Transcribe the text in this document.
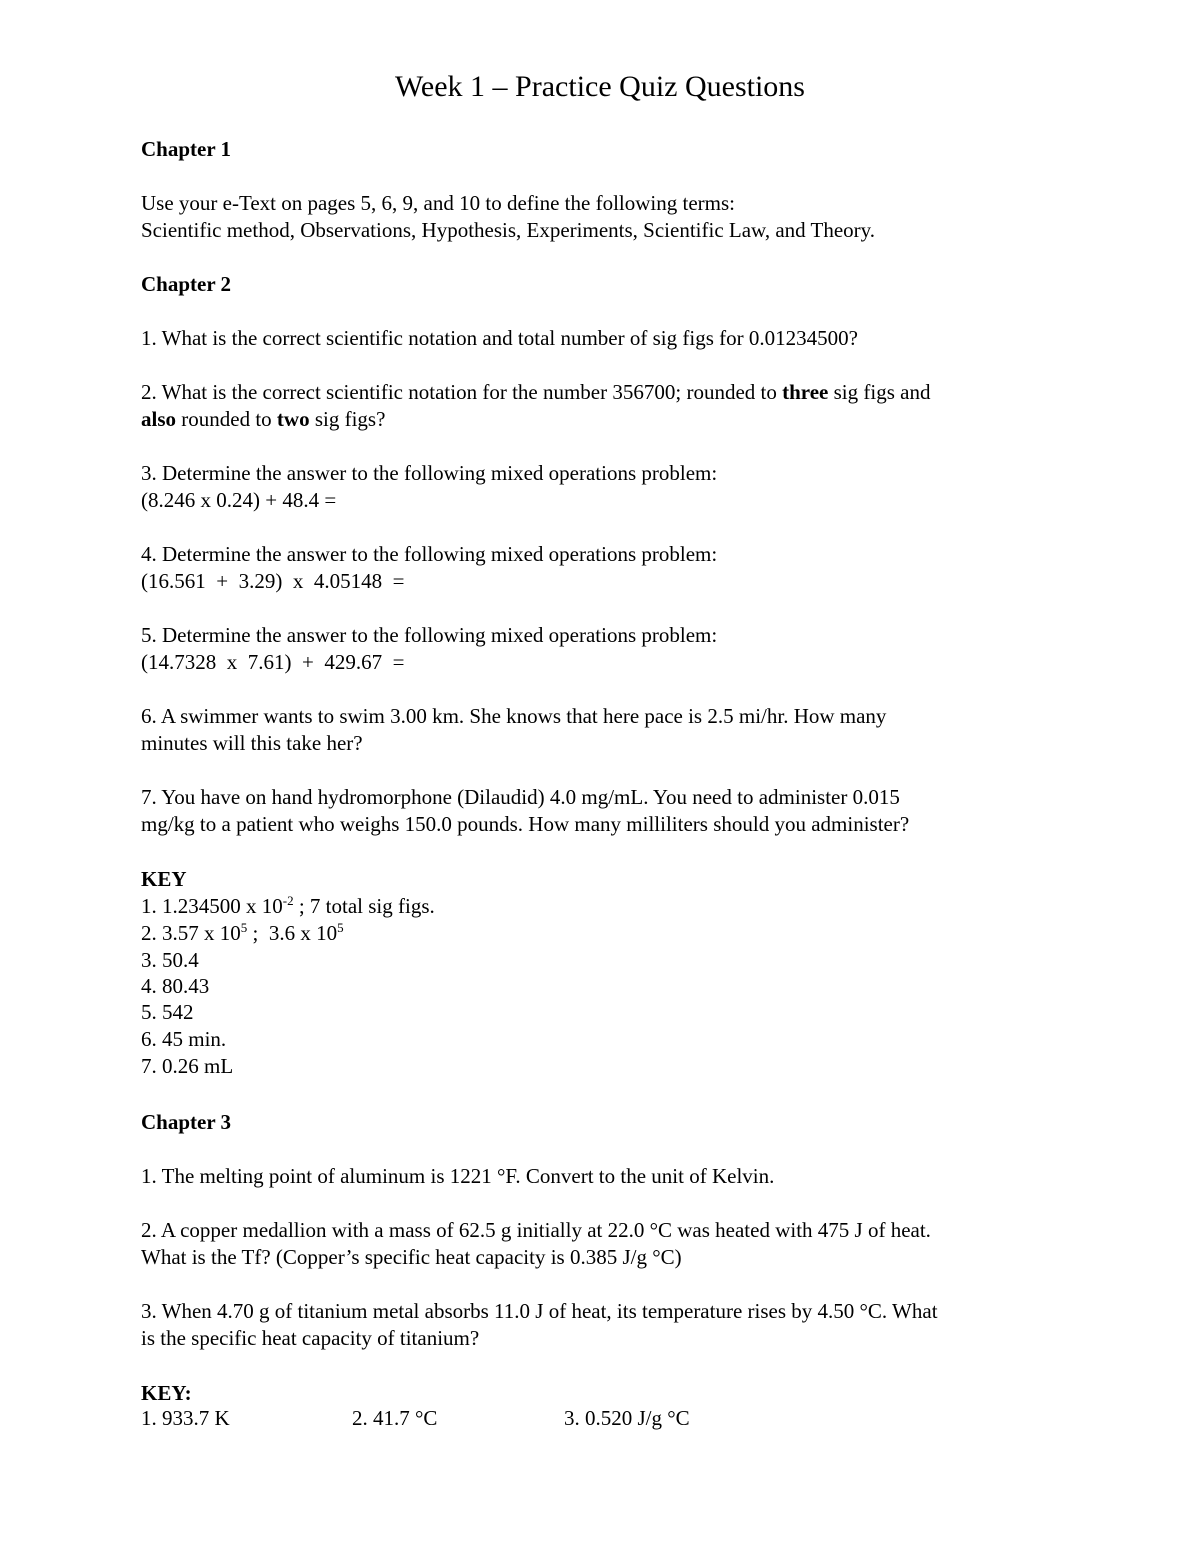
Week 1 – Practice Quiz Questions
Chapter 1
Use your e-Text on pages 5, 6, 9, and 10 to define the following terms:
Scientific method, Observations, Hypothesis, Experiments, Scientific Law, and Theory.
Chapter 2
1. What is the correct scientific notation and total number of sig figs for 0.01234500?
2. What is the correct scientific notation for the number 356700; rounded to three sig figs and
also rounded to two sig figs?
3. Determine the answer to the following mixed operations problem:
(8.246 x 0.24) + 48.4 =
4. Determine the answer to the following mixed operations problem:
(16.561  +  3.29)  x  4.05148  =
5. Determine the answer to the following mixed operations problem:
(14.7328  x  7.61)  +  429.67  =
6. A swimmer wants to swim 3.00 km. She knows that here pace is 2.5 mi/hr. How many
minutes will this take her?
7. You have on hand hydromorphone (Dilaudid) 4.0 mg/mL. You need to administer 0.015
mg/kg to a patient who weighs 150.0 pounds. How many milliliters should you administer?
KEY
1. 1.234500 x $10^{-2}$ ; 7 total sig figs.
2. 3.57 x $10^5$ ;  3.6 x $10^5$
3. 50.4
4. 80.43
5. 542
6. 45 min.
7. 0.26 mL
Chapter 3
1. The melting point of aluminum is 1221 °F. Convert to the unit of Kelvin.
2. A copper medallion with a mass of 62.5 g initially at 22.0 °C was heated with 475 J of heat.
What is the Tf? (Copper’s specific heat capacity is 0.385 J/g °C)
3. When 4.70 g of titanium metal absorbs 11.0 J of heat, its temperature rises by 4.50 °C. What
is the specific heat capacity of titanium?
KEY:
1. 933.7 K	2. 41.7 °C	3. 0.520 J/g °C
